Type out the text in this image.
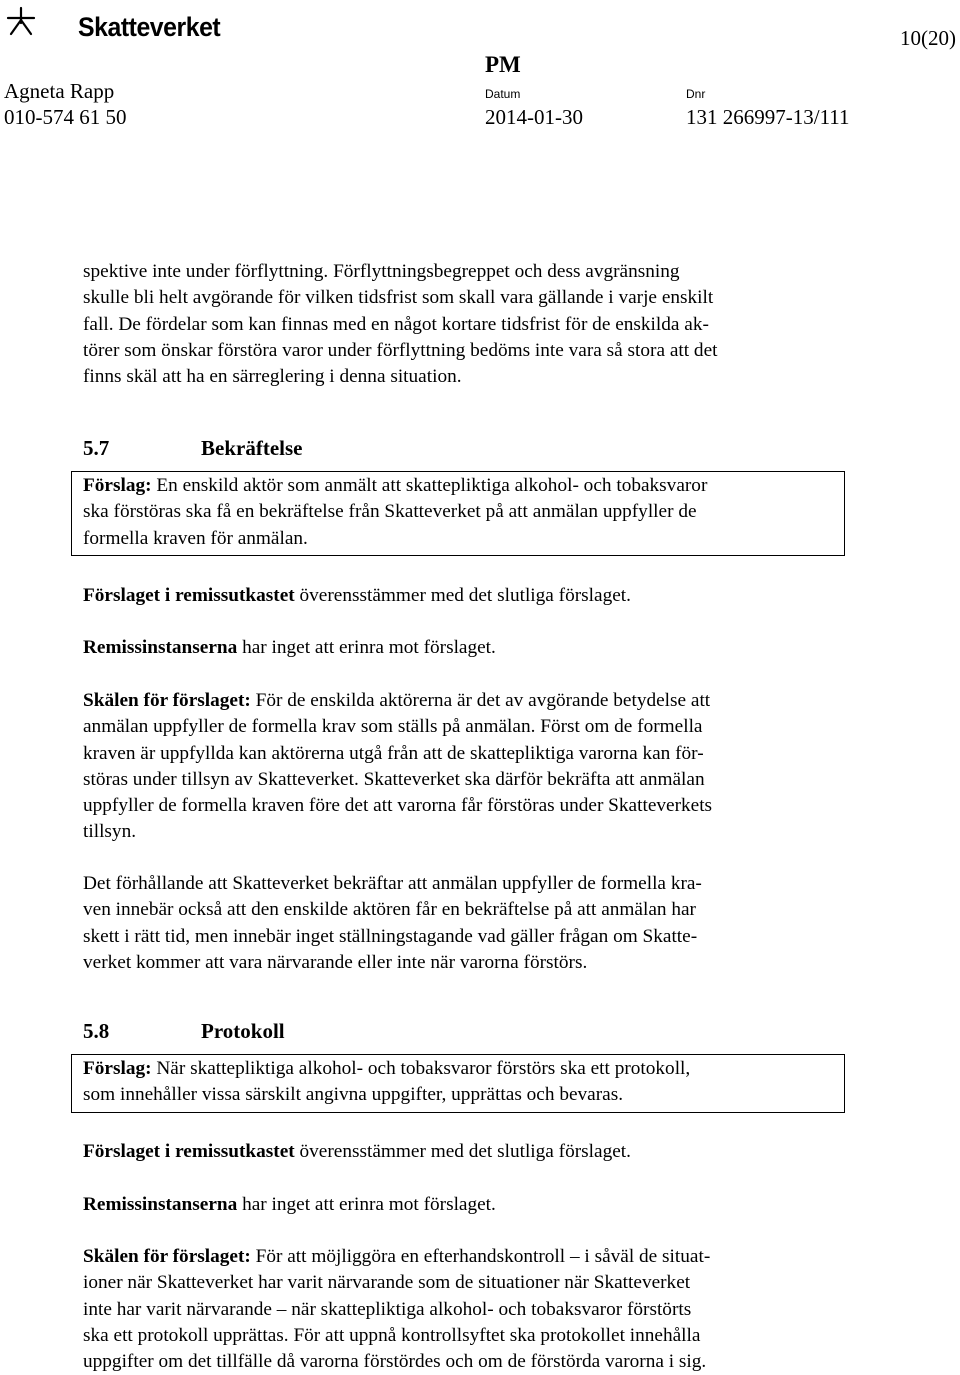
Skatteverket	10(20)
Agneta Rapp
010-574 61 50
PM
Datum
2014-01-30
Dnr
131 266997-13/111
spektive inte under förflyttning. Förflyttningsbegreppet och dess avgränsning
skulle bli helt avgörande för vilken tidsfrist som skall vara gällande i varje enskilt
fall. De fördelar som kan finnas med en något kortare tidsfrist för de enskilda ak-
törer som önskar förstöra varor under förflyttning bedöms inte vara så stora att det
finns skäl att ha en särreglering i denna situation.
5.7	Bekräftelse
Förslag: En enskild aktör som anmält att skattepliktiga alkohol- och tobaksvaror
ska förstöras ska få en bekräftelse från Skatteverket på att anmälan uppfyller de
formella kraven för anmälan.
Förslaget i remissutkastet överensstämmer med det slutliga förslaget.
Remissinstanserna har inget att erinra mot förslaget.
Skälen för förslaget: För de enskilda aktörerna är det av avgörande betydelse att
anmälan uppfyller de formella krav som ställs på anmälan. Först om de formella
kraven är uppfyllda kan aktörerna utgå från att de skattepliktiga varorna kan för-
störas under tillsyn av Skatteverket. Skatteverket ska därför bekräfta att anmälan
uppfyller de formella kraven före det att varorna får förstöras under Skatteverkets
tillsyn.
Det förhållande att Skatteverket bekräftar att anmälan uppfyller de formella kra-
ven innebär också att den enskilde aktören får en bekräftelse på att anmälan har
skett i rätt tid, men innebär inget ställningstagande vad gäller frågan om Skatte-
verket kommer att vara närvarande eller inte när varorna förstörs.
5.8	Protokoll
Förslag: När skattepliktiga alkohol- och tobaksvaror förstörs ska ett protokoll,
som innehåller vissa särskilt angivna uppgifter, upprättas och bevaras.
Förslaget i remissutkastet överensstämmer med det slutliga förslaget.
Remissinstanserna har inget att erinra mot förslaget.
Skälen för förslaget: För att möjliggöra en efterhandskontroll – i såväl de situat-
ioner när Skatteverket har varit närvarande som de situationer när Skatteverket
inte har varit närvarande – när skattepliktiga alkohol- och tobaksvaror förstörts
ska ett protokoll upprättas. För att uppnå kontrollsyftet ska protokollet innehålla
uppgifter om det tillfälle då varorna förstördes och om de förstörda varorna i sig.
